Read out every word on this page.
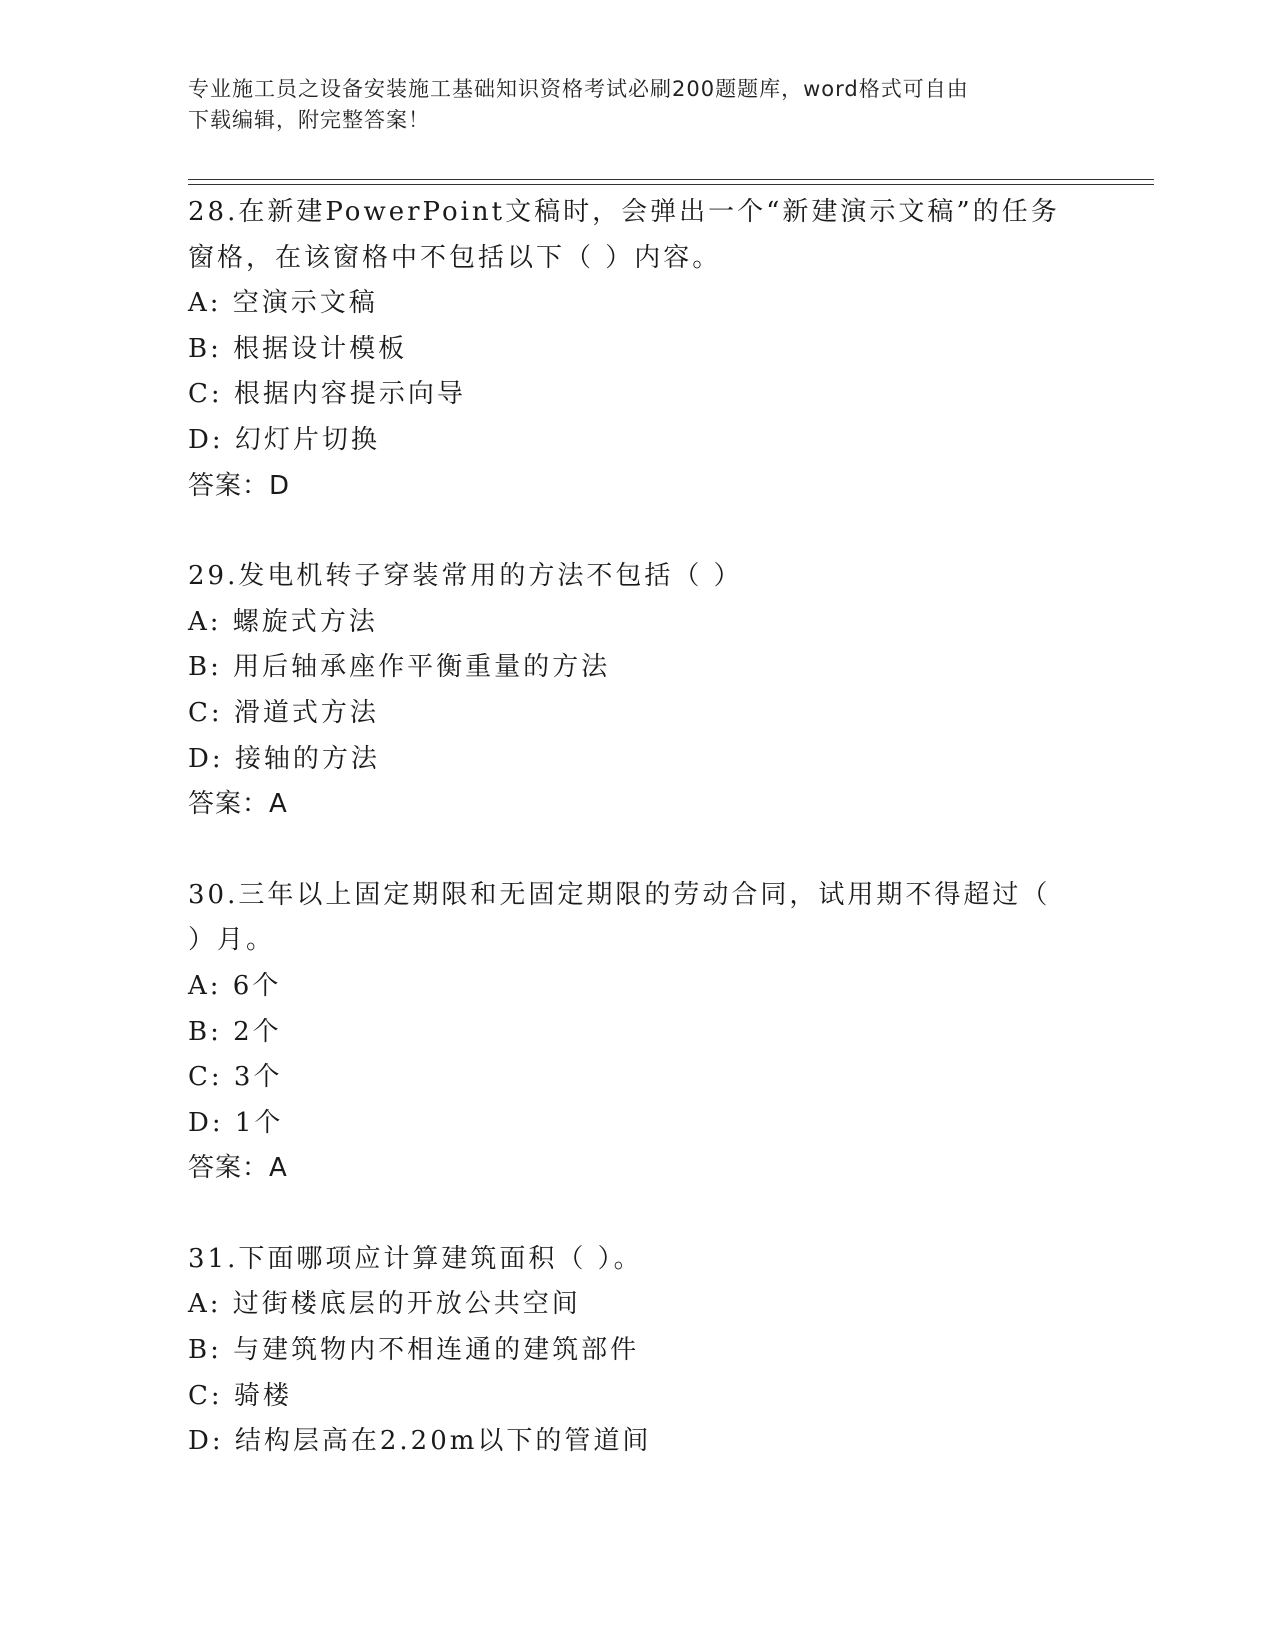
专业施工员之设备安装施工基础知识资格考试必刷200题题库，word格式可自由
下载编辑，附完整答案！
28.在新建PowerPoint文稿时，会弹出一个“新建演示文稿”的任务
窗格，在该窗格中不包括以下（ ）内容。
A: 空演示文稿
B: 根据设计模板
C: 根据内容提示向导
D: 幻灯片切换
答案：D
29.发电机转子穿装常用的方法不包括（ ）
A: 螺旋式方法
B: 用后轴承座作平衡重量的方法
C: 滑道式方法
D: 接轴的方法
答案：A
30.三年以上固定期限和无固定期限的劳动合同，试用期不得超过（
）月。
A: 6个
B: 2个
C: 3个
D: 1个
答案：A
31.下面哪项应计算建筑面积（ ）。
A: 过街楼底层的开放公共空间
B: 与建筑物内不相连通的建筑部件
C: 骑楼
D: 结构层高在2.20m以下的管道间
